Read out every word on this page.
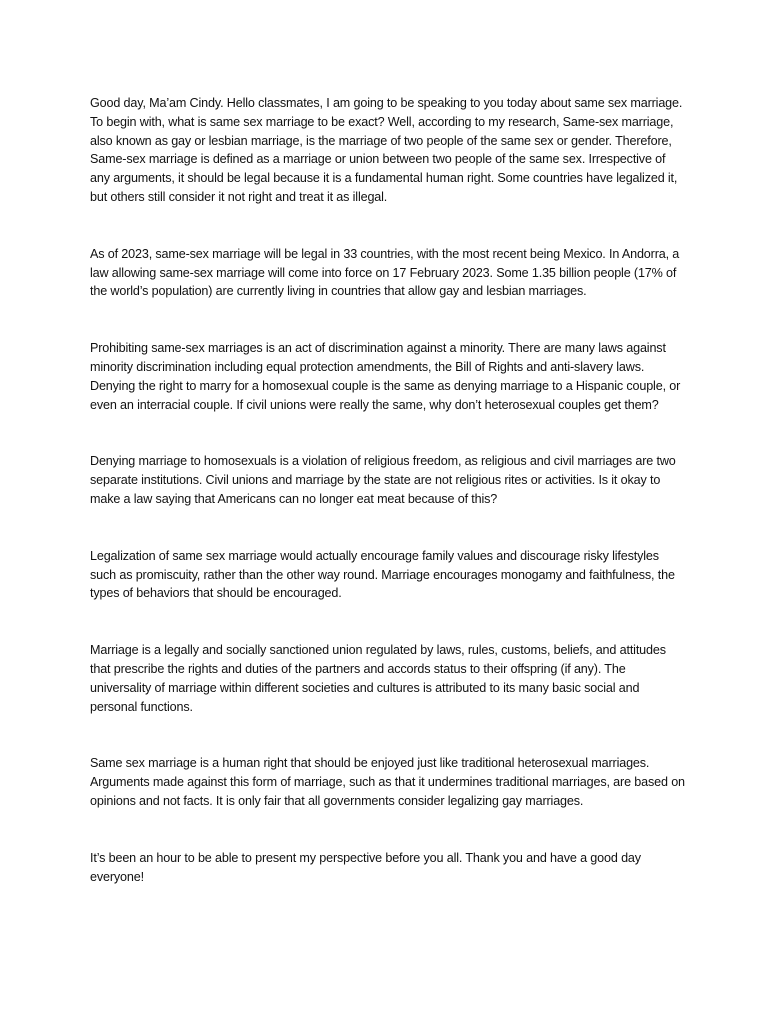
Good day, Ma’am Cindy. Hello classmates, I am going to be speaking to you today about same sex marriage. To begin with, what is same sex marriage to be exact? Well, according to my research, Same-sex marriage, also known as gay or lesbian marriage, is the marriage of two people of the same sex or gender. Therefore, Same-sex marriage is defined as a marriage or union between two people of the same sex. Irrespective of any arguments, it should be legal because it is a fundamental human right. Some countries have legalized it, but others still consider it not right and treat it as illegal.

As of 2023, same-sex marriage will be legal in 33 countries, with the most recent being Mexico. In Andorra, a law allowing same-sex marriage will come into force on 17 February 2023. Some 1.35 billion people (17% of the world’s population) are currently living in countries that allow gay and lesbian marriages.

Prohibiting same-sex marriages is an act of discrimination against a minority. There are many laws against minority discrimination including equal protection amendments, the Bill of Rights and anti-slavery laws. Denying the right to marry for a homosexual couple is the same as denying marriage to a Hispanic couple, or even an interracial couple. If civil unions were really the same, why don’t heterosexual couples get them?

Denying marriage to homosexuals is a violation of religious freedom, as religious and civil marriages are two separate institutions. Civil unions and marriage by the state are not religious rites or activities. Is it okay to make a law saying that Americans can no longer eat meat because of this?

Legalization of same sex marriage would actually encourage family values and discourage risky lifestyles such as promiscuity, rather than the other way round. Marriage encourages monogamy and faithfulness, the types of behaviors that should be encouraged.

Marriage is a legally and socially sanctioned union regulated by laws, rules, customs, beliefs, and attitudes that prescribe the rights and duties of the partners and accords status to their offspring (if any). The universality of marriage within different societies and cultures is attributed to its many basic social and personal functions.

Same sex marriage is a human right that should be enjoyed just like traditional heterosexual marriages. Arguments made against this form of marriage, such as that it undermines traditional marriages, are based on opinions and not facts. It is only fair that all governments consider legalizing gay marriages.

It’s been an hour to be able to present my perspective before you all. Thank you and have a good day everyone!
